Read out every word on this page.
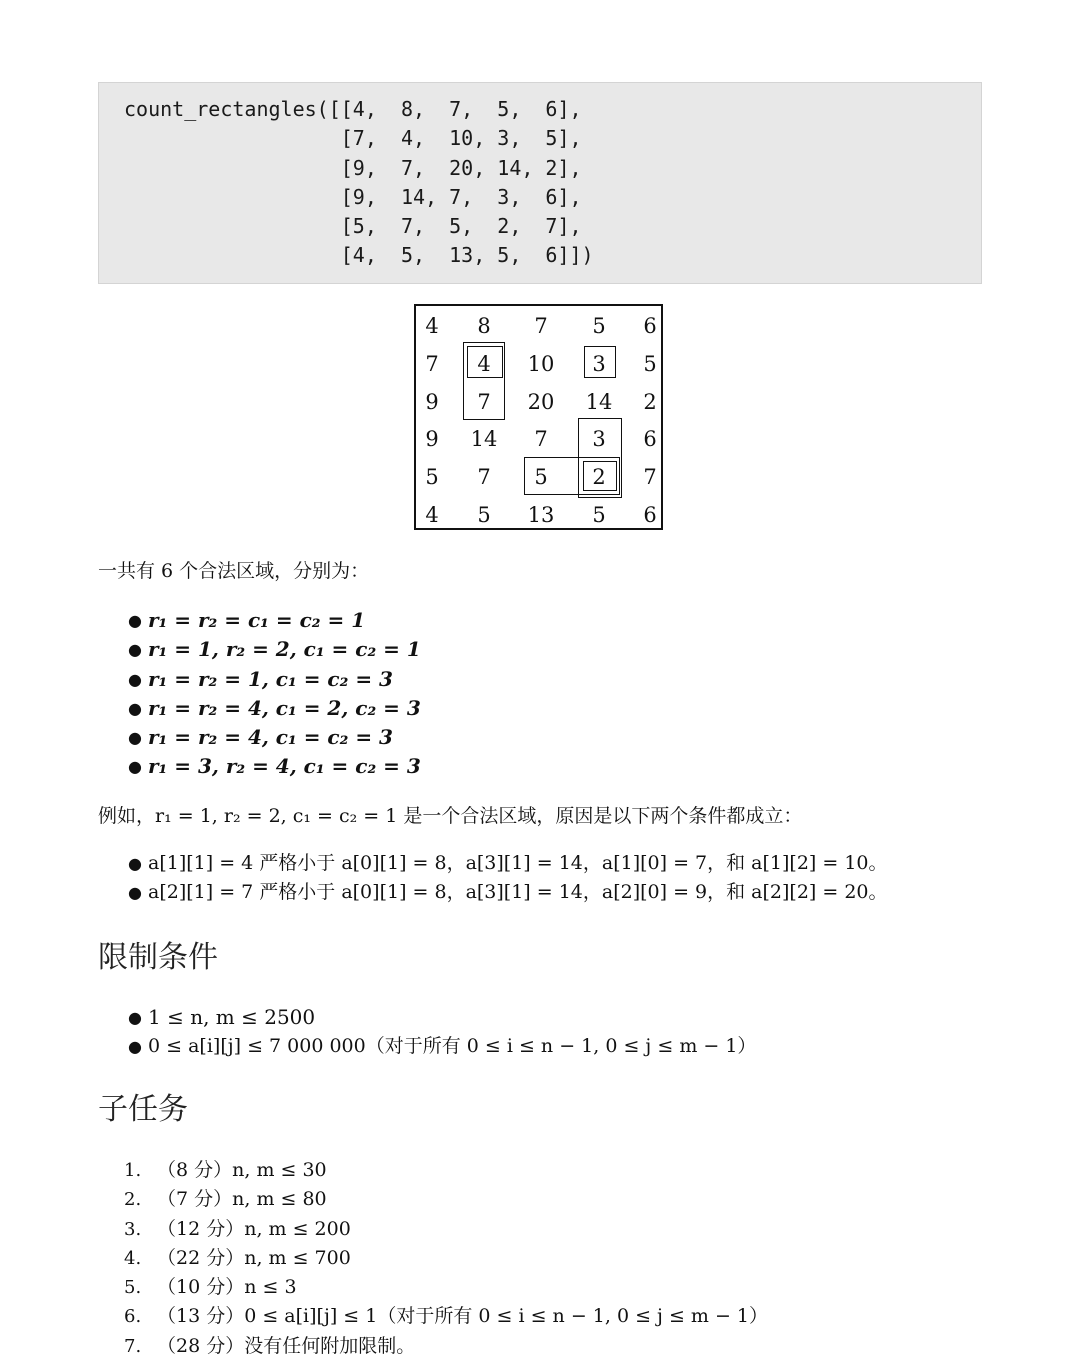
count_rectangles([[4,  8,  7,  5,  6],
[7,  4,  10, 3,  5],
[9,  7,  20, 14, 2],
[9,  14, 7,  3,  6],
[5,  7,  5,  2,  7],
[4,  5,  13, 5,  6]])
4	8	7	5	6
7	4	10	3	5
9	7	20	14	2
9	14	7	3	6
5	7	5	2	7
4	5	13	5	6
一共有 6 个合法区域，分别为：
● r₁ = r₂ = c₁ = c₂ = 1
● r₁ = 1, r₂ = 2, c₁ = c₂ = 1
● r₁ = r₂ = 1, c₁ = c₂ = 3
● r₁ = r₂ = 4, c₁ = 2, c₂ = 3
● r₁ = r₂ = 4, c₁ = c₂ = 3
● r₁ = 3, r₂ = 4, c₁ = c₂ = 3
例如，r₁ = 1, r₂ = 2, c₁ = c₂ = 1 是一个合法区域，原因是以下两个条件都成立：
● a[1][1] = 4 严格小于 a[0][1] = 8，a[3][1] = 14，a[1][0] = 7，和 a[1][2] = 10。
● a[2][1] = 7 严格小于 a[0][1] = 8，a[3][1] = 14，a[2][0] = 9，和 a[2][2] = 20。
限制条件
● 1 ≤ n, m ≤ 2500
● 0 ≤ a[i][j] ≤ 7 000 000（对于所有 0 ≤ i ≤ n − 1, 0 ≤ j ≤ m − 1）
子任务
1. （8 分）n, m ≤ 30
2. （7 分）n, m ≤ 80
3. （12 分）n, m ≤ 200
4. （22 分）n, m ≤ 700
5. （10 分）n ≤ 3
6. （13 分）0 ≤ a[i][j] ≤ 1（对于所有 0 ≤ i ≤ n − 1, 0 ≤ j ≤ m − 1）
7. （28 分）没有任何附加限制。
